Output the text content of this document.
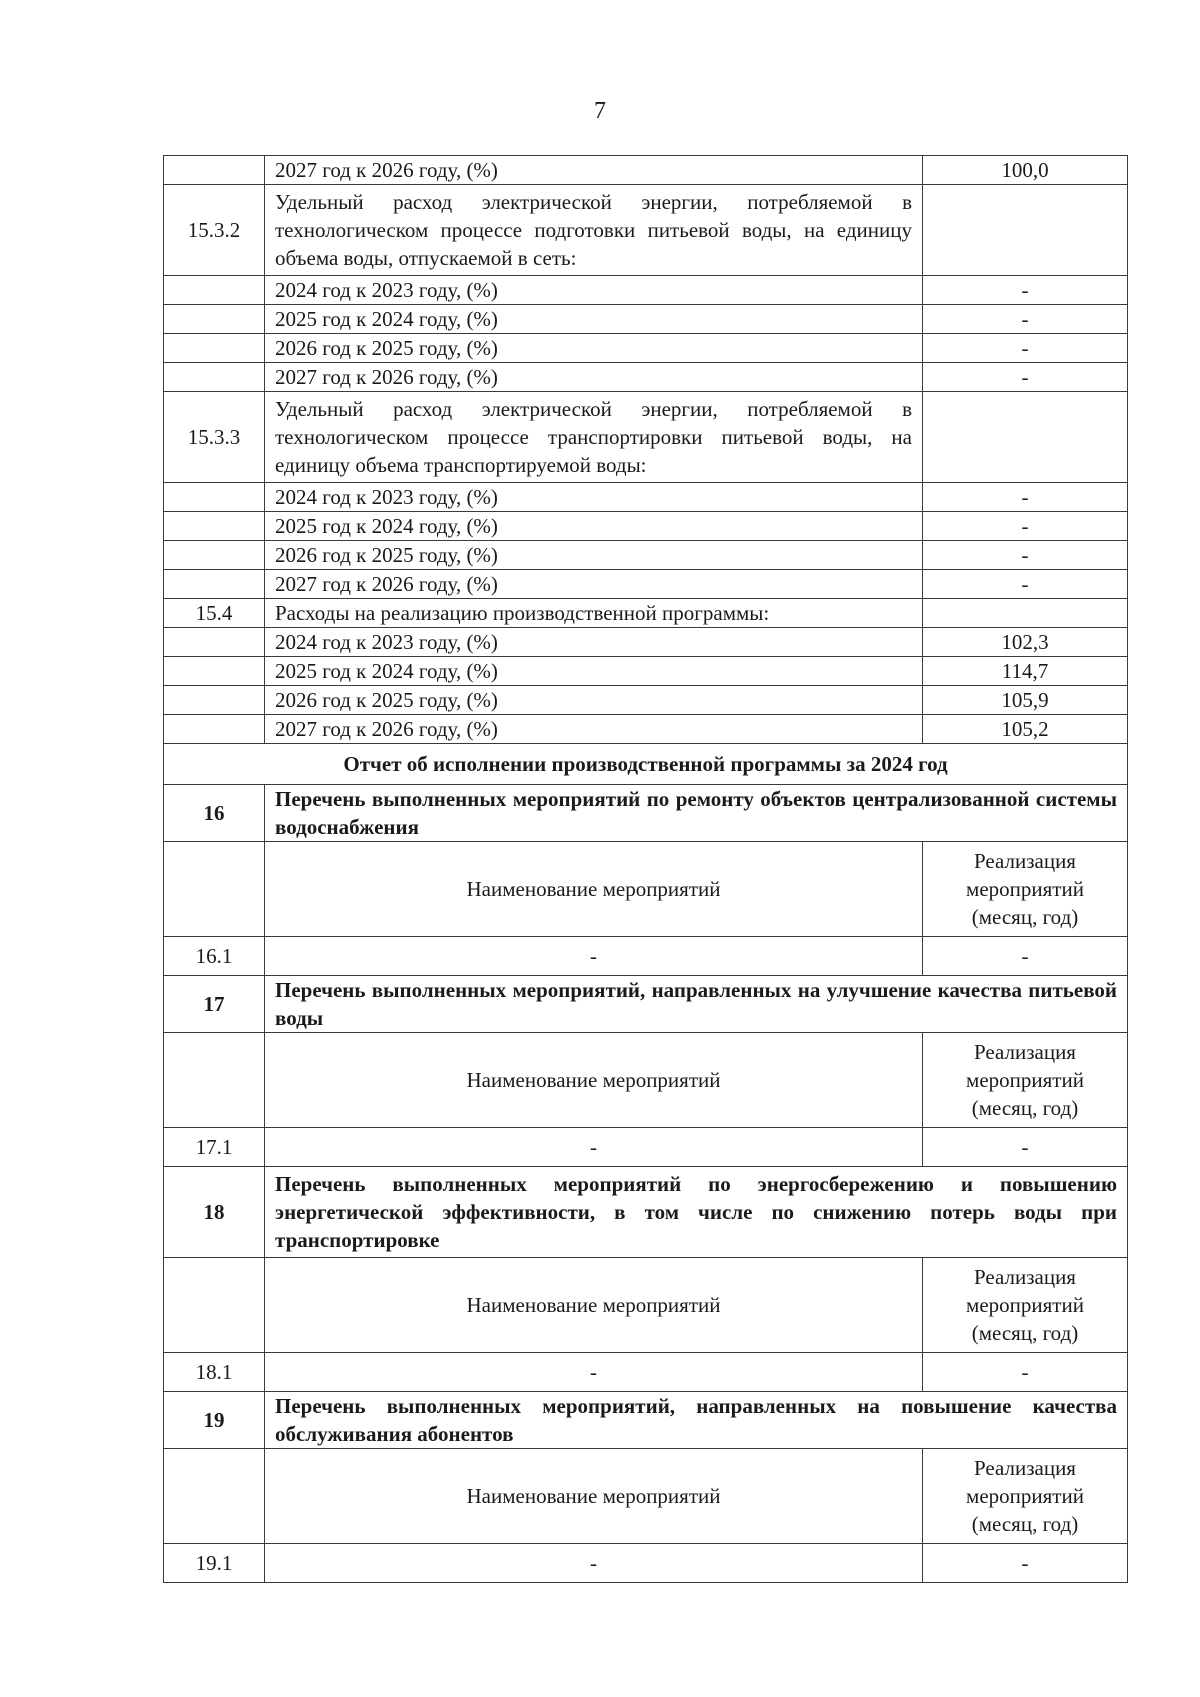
7
	2027 год к 2026 году, (%)	100,0
15.3.2	Удельный расход электрической энергии, потребляемой в технологическом процессе подготовки питьевой воды, на единицу объема воды, отпускаемой в сеть:	
	2024 год к 2023 году, (%)	-
	2025 год к 2024 году, (%)	-
	2026 год к 2025 году, (%)	-
	2027 год к 2026 году, (%)	-
15.3.3	Удельный расход электрической энергии, потребляемой в технологическом процессе транспортировки питьевой воды, на единицу объема транспортируемой воды:	
	2024 год к 2023 году, (%)	-
	2025 год к 2024 году, (%)	-
	2026 год к 2025 году, (%)	-
	2027 год к 2026 году, (%)	-
15.4	Расходы на реализацию производственной программы:	
	2024 год к 2023 году, (%)	102,3
	2025 год к 2024 году, (%)	114,7
	2026 год к 2025 году, (%)	105,9
	2027 год к 2026 году, (%)	105,2
Отчет об исполнении производственной программы за 2024 год		
16	Перечень выполненных мероприятий по ремонту объектов централизованной системы водоснабжения	
	Наименование мероприятий	Реализация мероприятий (месяц, год)
16.1	-	-
17	Перечень выполненных мероприятий, направленных на улучшение качества питьевой воды	
	Наименование мероприятий	Реализация мероприятий (месяц, год)
17.1	-	-
18	Перечень выполненных мероприятий по энергосбережению и повышению энергетической эффективности, в том числе по снижению потерь воды при транспортировке	
	Наименование мероприятий	Реализация мероприятий (месяц, год)
18.1	-	-
19	Перечень выполненных мероприятий, направленных на повышение качества обслуживания абонентов	
	Наименование мероприятий	Реализация мероприятий (месяц, год)
19.1	-	-
